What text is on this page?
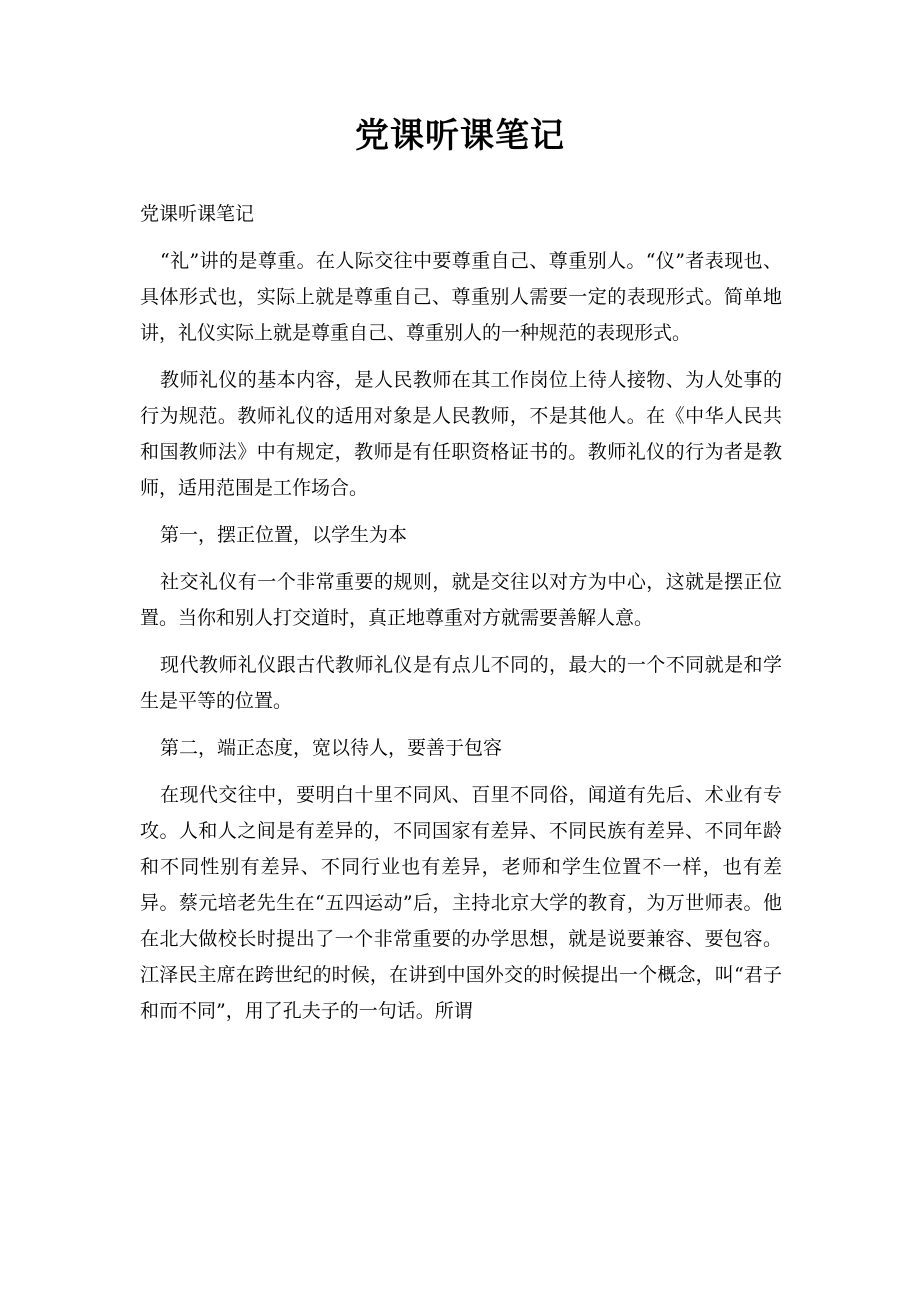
党课听课笔记

党课听课笔记

“礼”讲的是尊重。在人际交往中要尊重自己、尊重别人。“仪”者表现也、具体形式也，实际上就是尊重自己、尊重别人需要一定的表现形式。简单地讲，礼仪实际上就是尊重自己、尊重别人的一种规范的表现形式。

教师礼仪的基本内容，是人民教师在其工作岗位上待人接物、为人处事的行为规范。教师礼仪的适用对象是人民教师，不是其他人。在《中华人民共和国教师法》中有规定，教师是有任职资格证书的。教师礼仪的行为者是教师，适用范围是工作场合。

第一，摆正位置，以学生为本

社交礼仪有一个非常重要的规则，就是交往以对方为中心，这就是摆正位置。当你和别人打交道时，真正地尊重对方就需要善解人意。

现代教师礼仪跟古代教师礼仪是有点儿不同的，最大的一个不同就是和学生是平等的位置。

第二，端正态度，宽以待人，要善于包容

在现代交往中，要明白十里不同风、百里不同俗，闻道有先后、术业有专攻。人和人之间是有差异的，不同国家有差异、不同民族有差异、不同年龄和不同性别有差异、不同行业也有差异，老师和学生位置不一样，也有差异。蔡元培老先生在“五四运动”后，主持北京大学的教育，为万世师表。他在北大做校长时提出了一个非常重要的办学思想，就是说要兼容、要包容。江泽民主席在跨世纪的时候，在讲到中国外交的时候提出一个概念，叫“君子和而不同”，用了孔夫子的一句话。所谓
